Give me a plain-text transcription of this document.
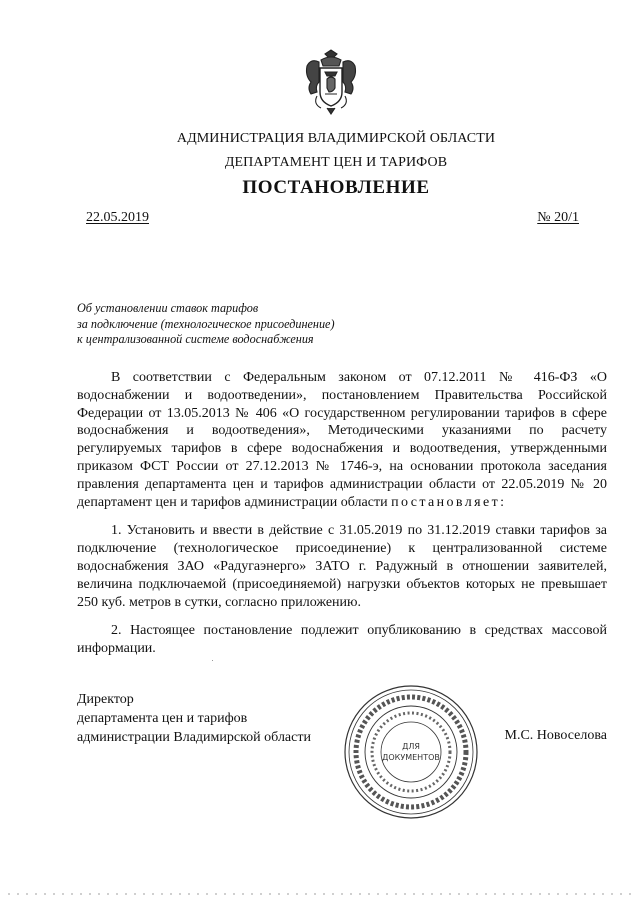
АДМИНИСТРАЦИЯ ВЛАДИМИРСКОЙ ОБЛАСТИ
ДЕПАРТАМЕНТ ЦЕН И ТАРИФОВ
ПОСТАНОВЛЕНИЕ
22.05.2019	№ 20/1
Об установлении ставок тарифов
за подключение (технологическое присоединение)
к централизованной системе водоснабжения

В соответствии с Федеральным законом от 07.12.2011 № 416-ФЗ «О водоснабжении и водоотведении», постановлением Правительства Российской Федерации от 13.05.2013 № 406 «О государственном регулировании тарифов в сфере водоснабжения и водоотведения», Методическими указаниями по расчету регулируемых тарифов в сфере водоснабжения и водоотведения, утвержденными приказом ФСТ России от 27.12.2013 № 1746-э, на основании протокола заседания правления департамента цен и тарифов администрации области от 22.05.2019 № 20 департамент цен и тарифов администрации области постановляет:

1. Установить и ввести в действие с 31.05.2019 по 31.12.2019 ставки тарифов за подключение (технологическое присоединение) к централизованной системе водоснабжения ЗАО «Радугаэнерго» ЗАТО г. Радужный в отношении заявителей, величина подключаемой (присоединяемой) нагрузки объектов которых не превышает 250 куб. метров в сутки, согласно приложению.

2. Настоящее постановление подлежит опубликованию в средствах массовой информации.

Директор
департамента цен и тарифов
администрации Владимирской области
ДЛЯ
ДОКУМЕНТОВ
М.С. Новоселова
